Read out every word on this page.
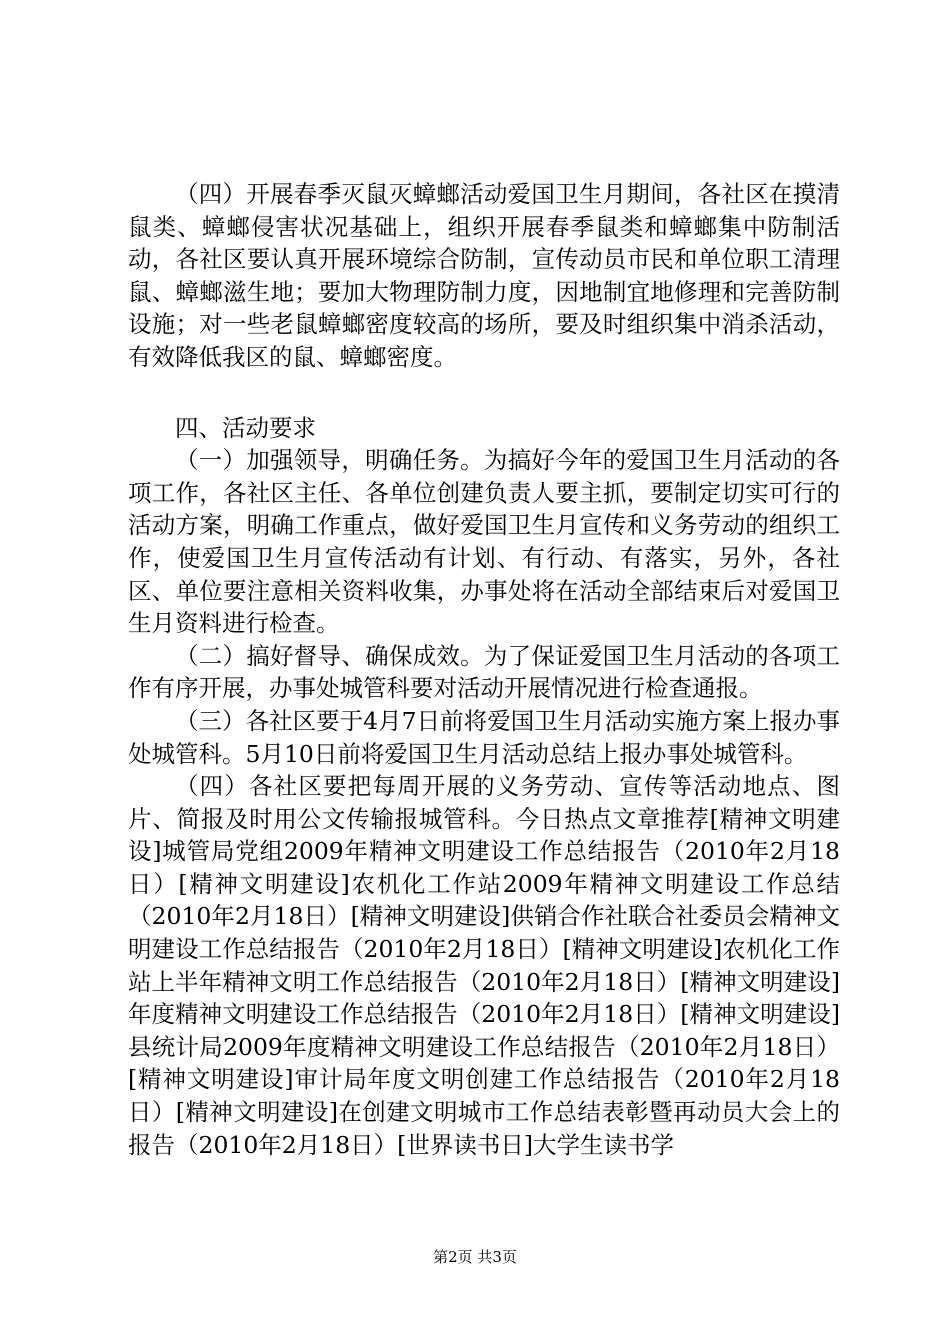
（四）开展春季灭鼠灭蟑螂活动爱国卫生月期间，各社区在摸清鼠类、蟑螂侵害状况基础上，组织开展春季鼠类和蟑螂集中防制活动，各社区要认真开展环境综合防制，宣传动员市民和单位职工清理鼠、蟑螂滋生地；要加大物理防制力度，因地制宜地修理和完善防制设施；对一些老鼠蟑螂密度较高的场所，要及时组织集中消杀活动，有效降低我区的鼠、蟑螂密度。

四、活动要求

（一）加强领导，明确任务。为搞好今年的爱国卫生月活动的各项工作，各社区主任、各单位创建负责人要主抓，要制定切实可行的活动方案，明确工作重点，做好爱国卫生月宣传和义务劳动的组织工作，使爱国卫生月宣传活动有计划、有行动、有落实，另外，各社区、单位要注意相关资料收集，办事处将在活动全部结束后对爱国卫生月资料进行检查。

（二）搞好督导、确保成效。为了保证爱国卫生月活动的各项工作有序开展，办事处城管科要对活动开展情况进行检查通报。

（三）各社区要于4月7日前将爱国卫生月活动实施方案上报办事处城管科。5月10日前将爱国卫生月活动总结上报办事处城管科。

（四）各社区要把每周开展的义务劳动、宣传等活动地点、图片、简报及时用公文传输报城管科。今日热点文章推荐[精神文明建设]城管局党组2009年精神文明建设工作总结报告（2010年2月18日）[精神文明建设]农机化工作站2009年精神文明建设工作总结（2010年2月18日）[精神文明建设]供销合作社联合社委员会精神文明建设工作总结报告（2010年2月18日）[精神文明建设]农机化工作站上半年精神文明工作总结报告（2010年2月18日）[精神文明建设]年度精神文明建设工作总结报告（2010年2月18日）[精神文明建设]县统计局2009年度精神文明建设工作总结报告（2010年2月18日）[精神文明建设]审计局年度文明创建工作总结报告（2010年2月18日）[精神文明建设]在创建文明城市工作总结表彰暨再动员大会上的报告（2010年2月18日）[世界读书日]大学生读书学

第2页 共3页
